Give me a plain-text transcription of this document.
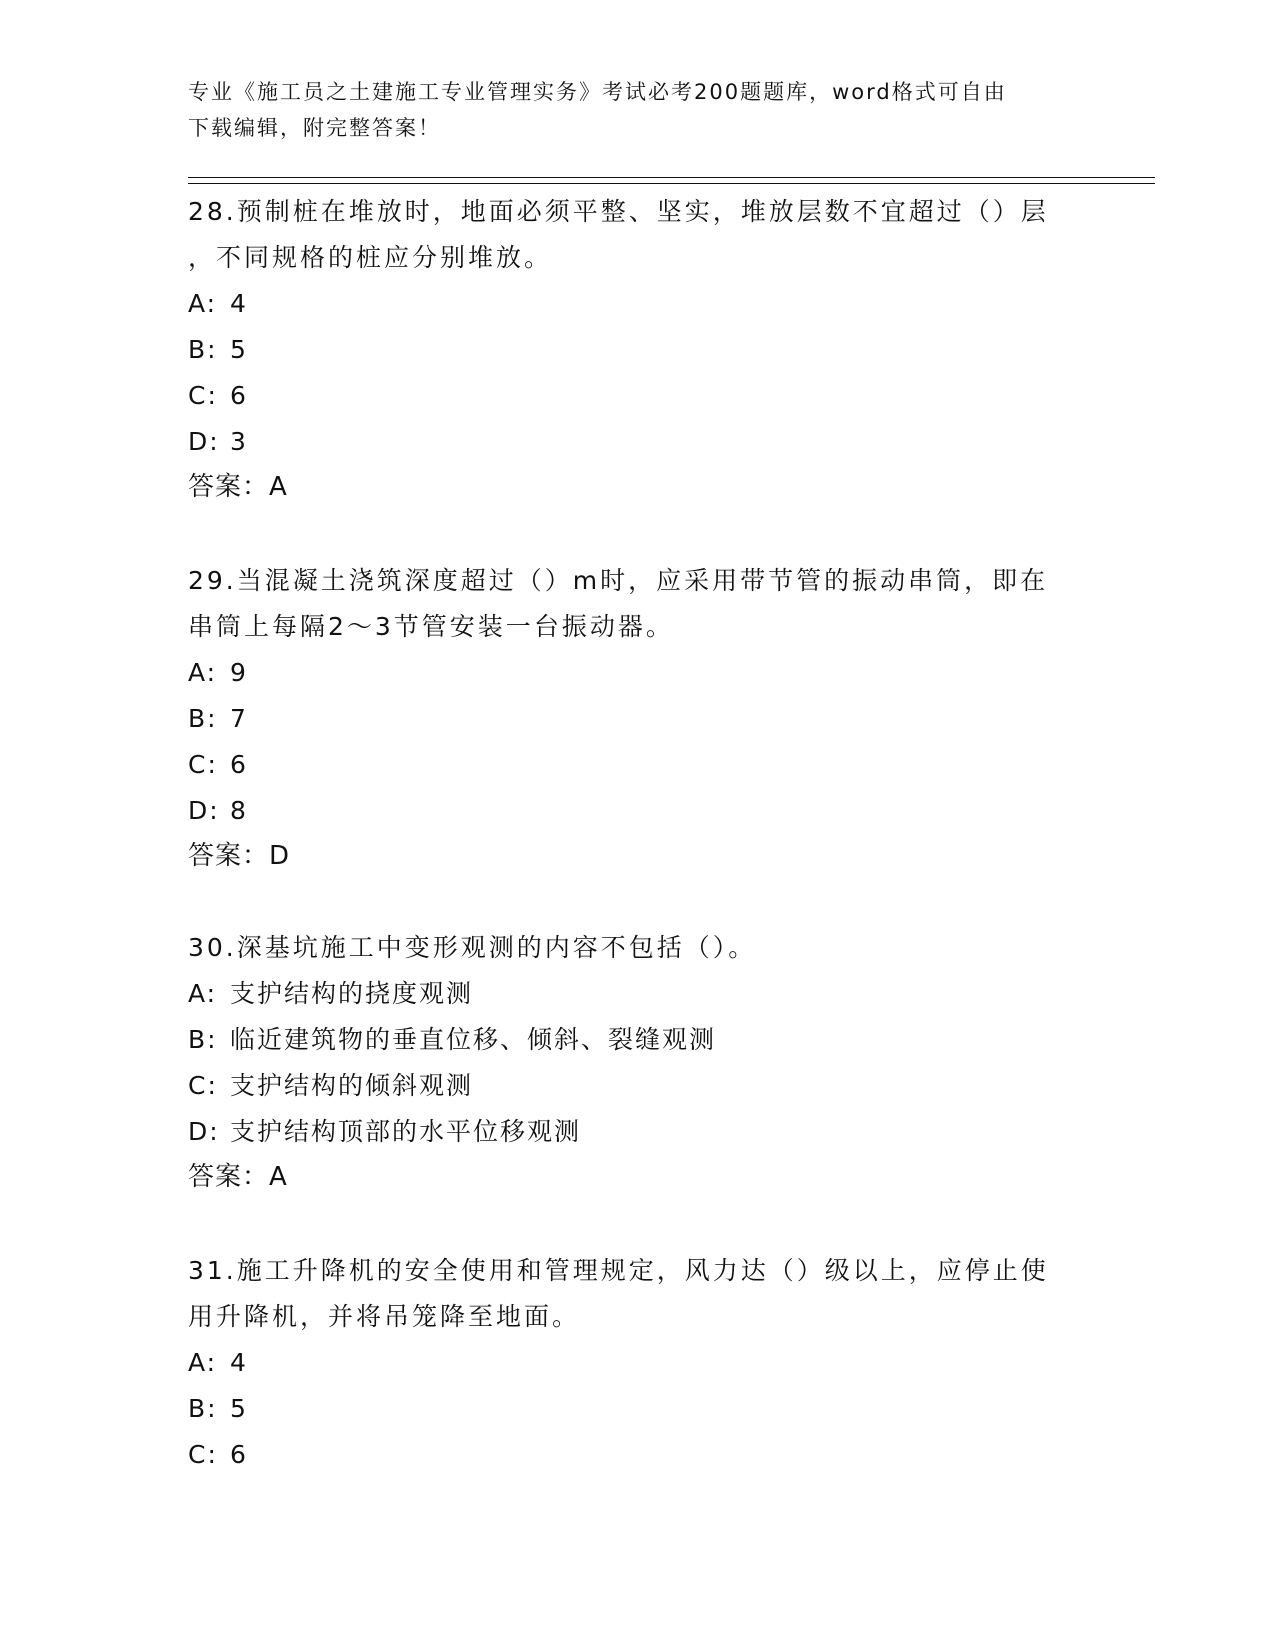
专业《施工员之土建施工专业管理实务》考试必考200题题库，word格式可自由
下载编辑，附完整答案！

28.预制桩在堆放时，地面必须平整、坚实，堆放层数不宜超过（）层

，不同规格的桩应分别堆放。

A: 4

B: 5

C: 6

D: 3

答案：A

29.当混凝土浇筑深度超过（）m时，应采用带节管的振动串筒，即在

串筒上每隔2～3节管安装一台振动器。

A: 9

B: 7

C: 6

D: 8

答案：D

30.深基坑施工中变形观测的内容不包括（）。

A: 支护结构的挠度观测

B: 临近建筑物的垂直位移、倾斜、裂缝观测

C: 支护结构的倾斜观测

D: 支护结构顶部的水平位移观测

答案：A

31.施工升降机的安全使用和管理规定，风力达（）级以上，应停止使

用升降机，并将吊笼降至地面。

A: 4

B: 5

C: 6
